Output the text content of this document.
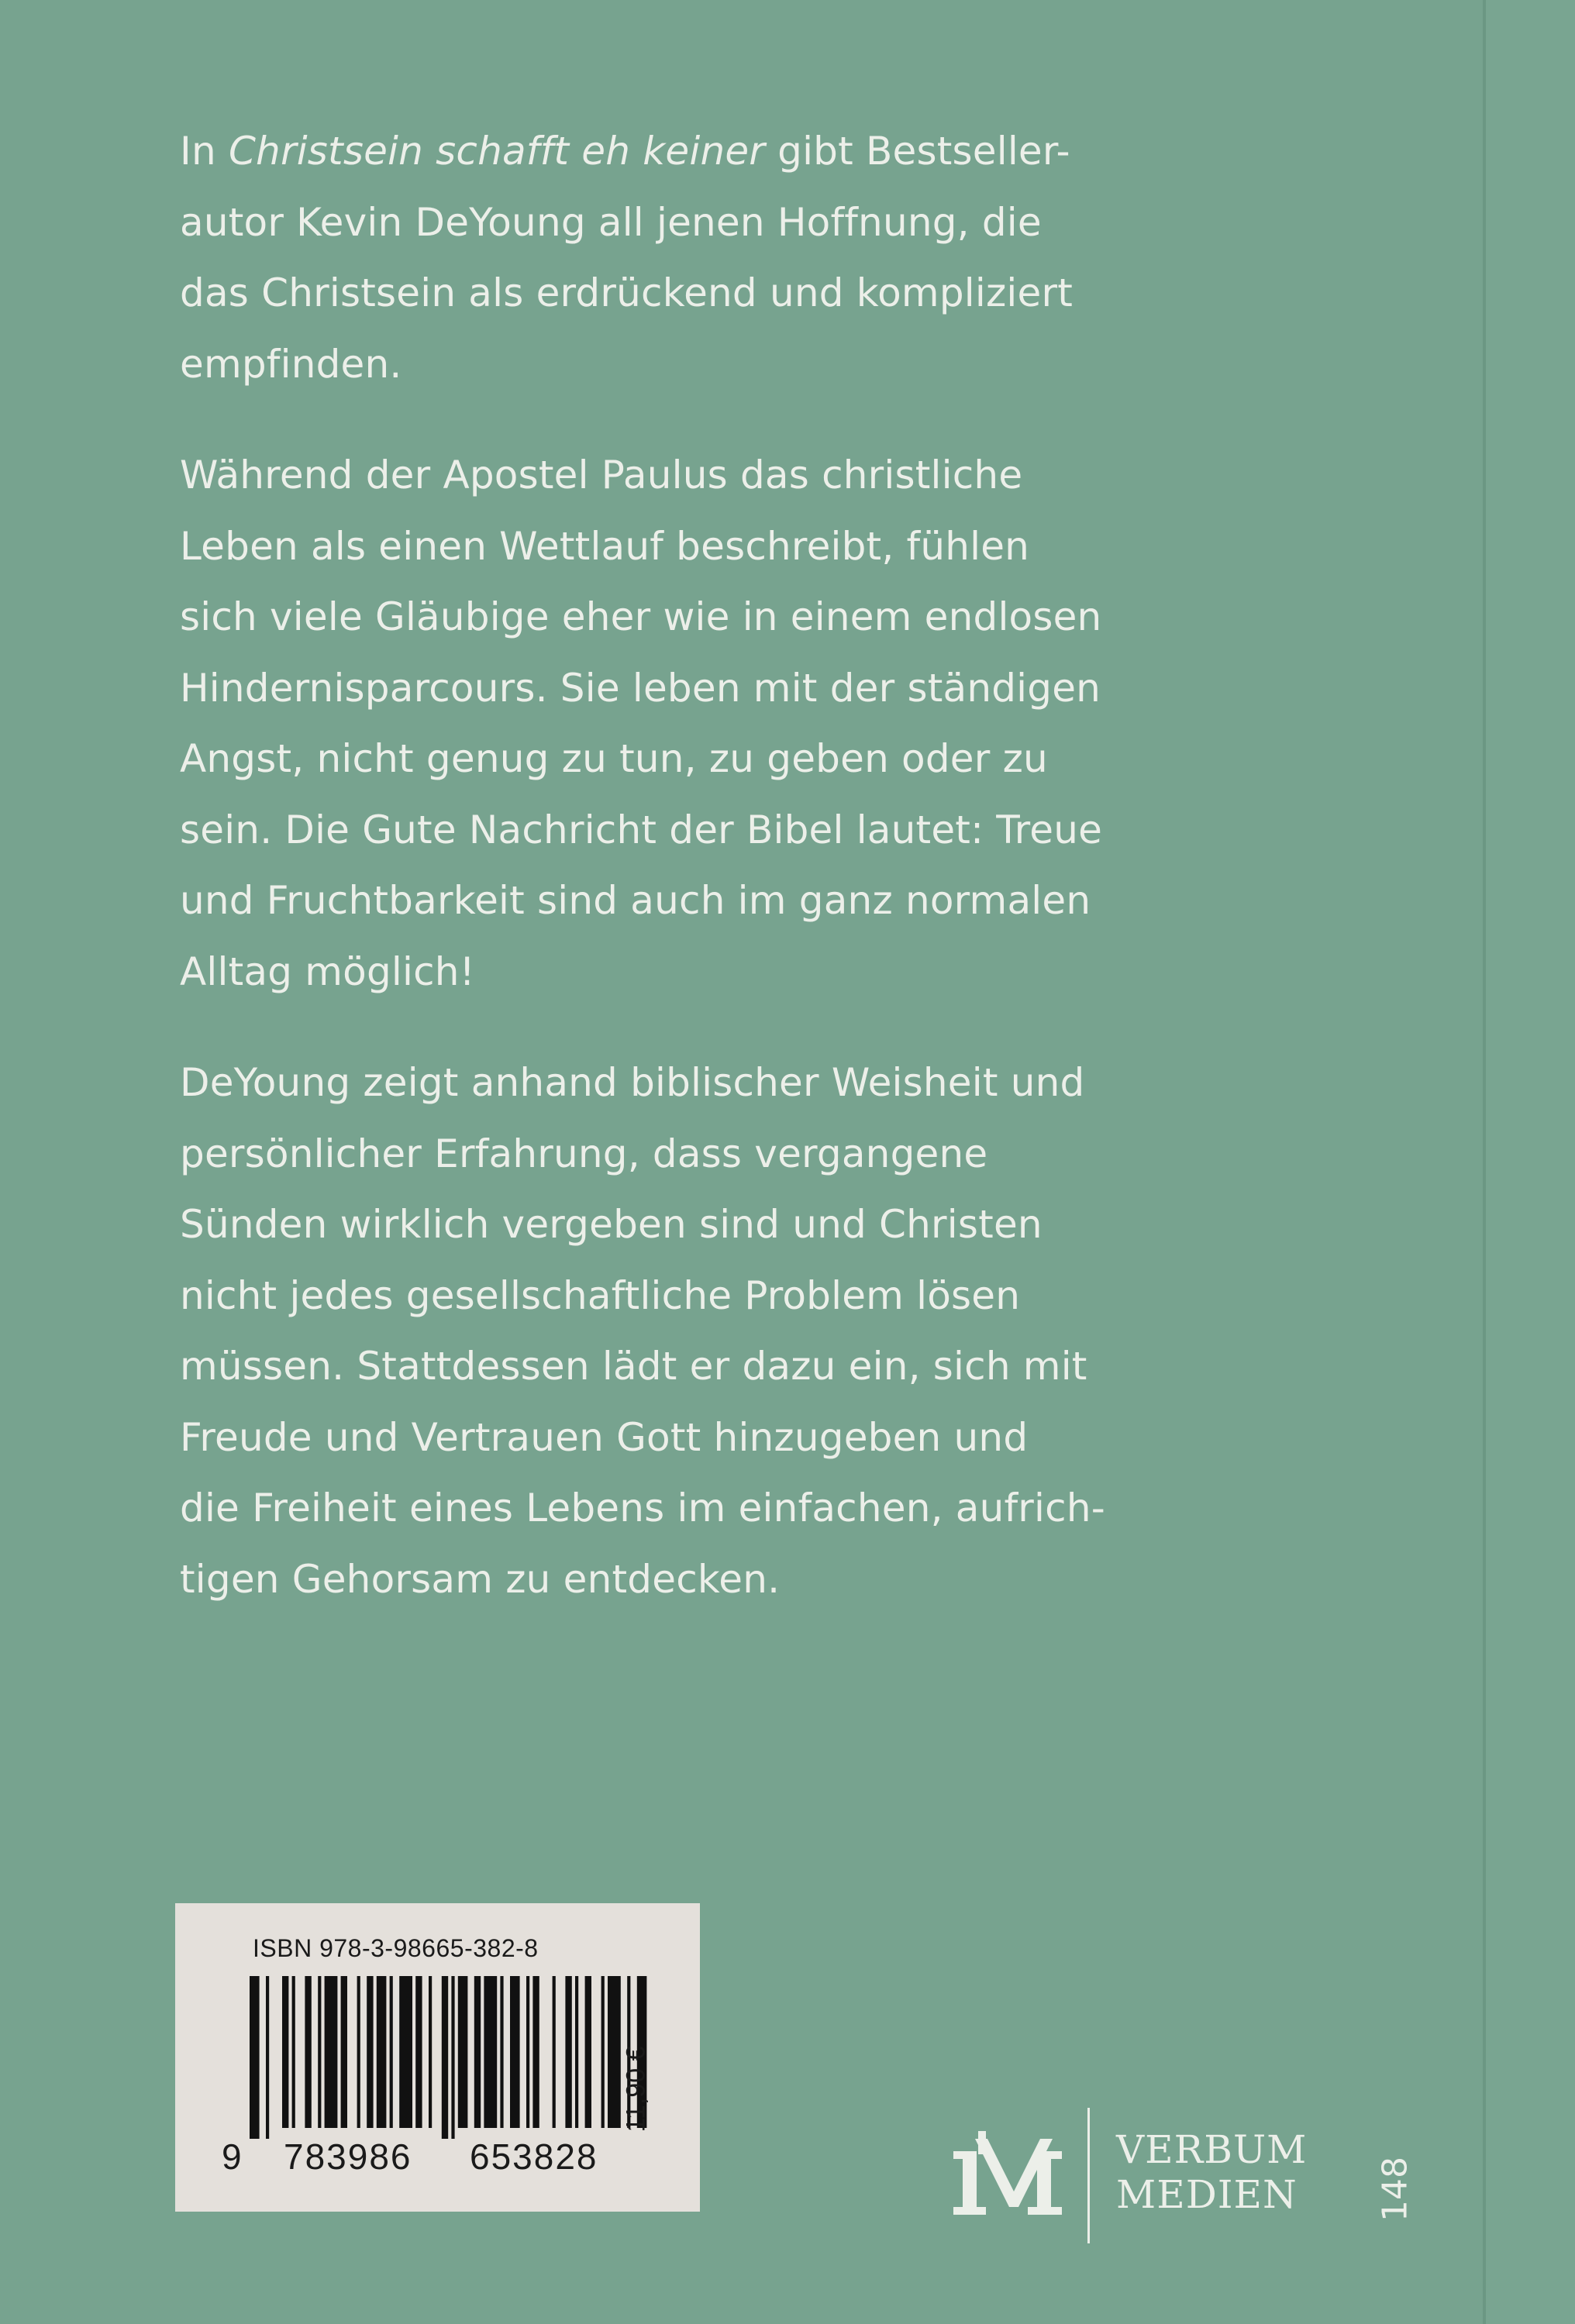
In Christsein schafft eh keiner gibt Bestseller-
autor Kevin DeYoung all jenen Hoffnung, die
das Christsein als erdrückend und kompliziert
empfinden.

Während der Apostel Paulus das christliche
Leben als einen Wettlauf beschreibt, fühlen
sich viele Gläubige eher wie in einem endlosen
Hindernisparcours. Sie leben mit der ständigen
Angst, nicht genug zu tun, zu geben oder zu
sein. Die Gute Nachricht der Bibel lautet: Treue
und Fruchtbarkeit sind auch im ganz normalen
Alltag möglich!

DeYoung zeigt anhand biblischer Weisheit und
persönlicher Erfahrung, dass vergangene
Sünden wirklich vergeben sind und Christen
nicht jedes gesellschaftliche Problem lösen
müssen. Stattdessen lädt er dazu ein, sich mit
Freude und Vertrauen Gott hinzugeben und
die Freiheit eines Lebens im einfachen, aufrich-
tigen Gehorsam zu entdecken.

ISBN 978-3-98665-382-8
9 783986 653828
11,90 €
VERBUM
MEDIEN 148
